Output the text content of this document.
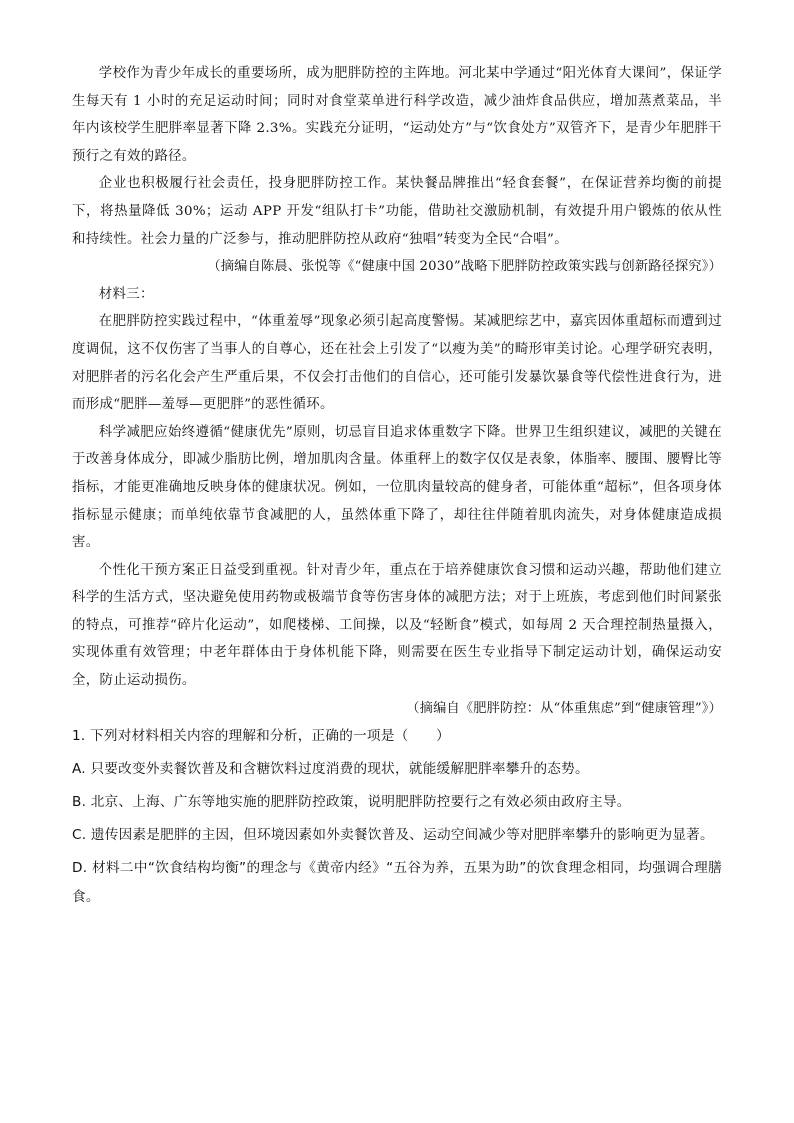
学校作为青少年成长的重要场所，成为肥胖防控的主阵地。河北某中学通过“阳光体育大课间”，保证学生每天有 1 小时的充足运动时间；同时对食堂菜单进行科学改造，减少油炸食品供应，增加蒸煮菜品，半年内该校学生肥胖率显著下降 2.3%。实践充分证明，“运动处方”与“饮食处方”双管齐下，是青少年肥胖干预行之有效的路径。

企业也积极履行社会责任，投身肥胖防控工作。某快餐品牌推出“轻食套餐”，在保证营养均衡的前提下，将热量降低 30%；运动 APP 开发“组队打卡”功能，借助社交激励机制，有效提升用户锻炼的依从性和持续性。社会力量的广泛参与，推动肥胖防控从政府“独唱”转变为全民“合唱”。

（摘编自陈晨、张悦等《“健康中国 2030”战略下肥胖防控政策实践与创新路径探究》）

材料三：

在肥胖防控实践过程中，“体重羞辱”现象必须引起高度警惕。某减肥综艺中，嘉宾因体重超标而遭到过度调侃，这不仅伤害了当事人的自尊心，还在社会上引发了“以瘦为美”的畸形审美讨论。心理学研究表明，对肥胖者的污名化会产生严重后果，不仅会打击他们的自信心，还可能引发暴饮暴食等代偿性进食行为，进而形成“肥胖—羞辱—更肥胖”的恶性循环。

科学减肥应始终遵循“健康优先”原则，切忌盲目追求体重数字下降。世界卫生组织建议，减肥的关键在于改善身体成分，即减少脂肪比例，增加肌肉含量。体重秤上的数字仅仅是表象，体脂率、腰围、腰臀比等指标，才能更准确地反映身体的健康状况。例如，一位肌肉量较高的健身者，可能体重“超标”，但各项身体指标显示健康；而单纯依靠节食减肥的人，虽然体重下降了，却往往伴随着肌肉流失，对身体健康造成损害。

个性化干预方案正日益受到重视。针对青少年，重点在于培养健康饮食习惯和运动兴趣，帮助他们建立科学的生活方式，坚决避免使用药物或极端节食等伤害身体的减肥方法；对于上班族，考虑到他们时间紧张的特点，可推荐“碎片化运动”，如爬楼梯、工间操，以及“轻断食”模式，如每周 2 天合理控制热量摄入，实现体重有效管理；中老年群体由于身体机能下降，则需要在医生专业指导下制定运动计划，确保运动安全，防止运动损伤。

（摘编自《肥胖防控：从“体重焦虑”到“健康管理”》）

1. 下列对材料相关内容的理解和分析，正确的一项是（　　）

A. 只要改变外卖餐饮普及和含糖饮料过度消费的现状，就能缓解肥胖率攀升的态势。

B. 北京、上海、广东等地实施的肥胖防控政策，说明肥胖防控要行之有效必须由政府主导。

C. 遗传因素是肥胖的主因，但环境因素如外卖餐饮普及、运动空间减少等对肥胖率攀升的影响更为显著。

D. 材料二中“饮食结构均衡”的理念与《黄帝内经》“五谷为养，五果为助”的饮食理念相同，均强调合理膳食。
